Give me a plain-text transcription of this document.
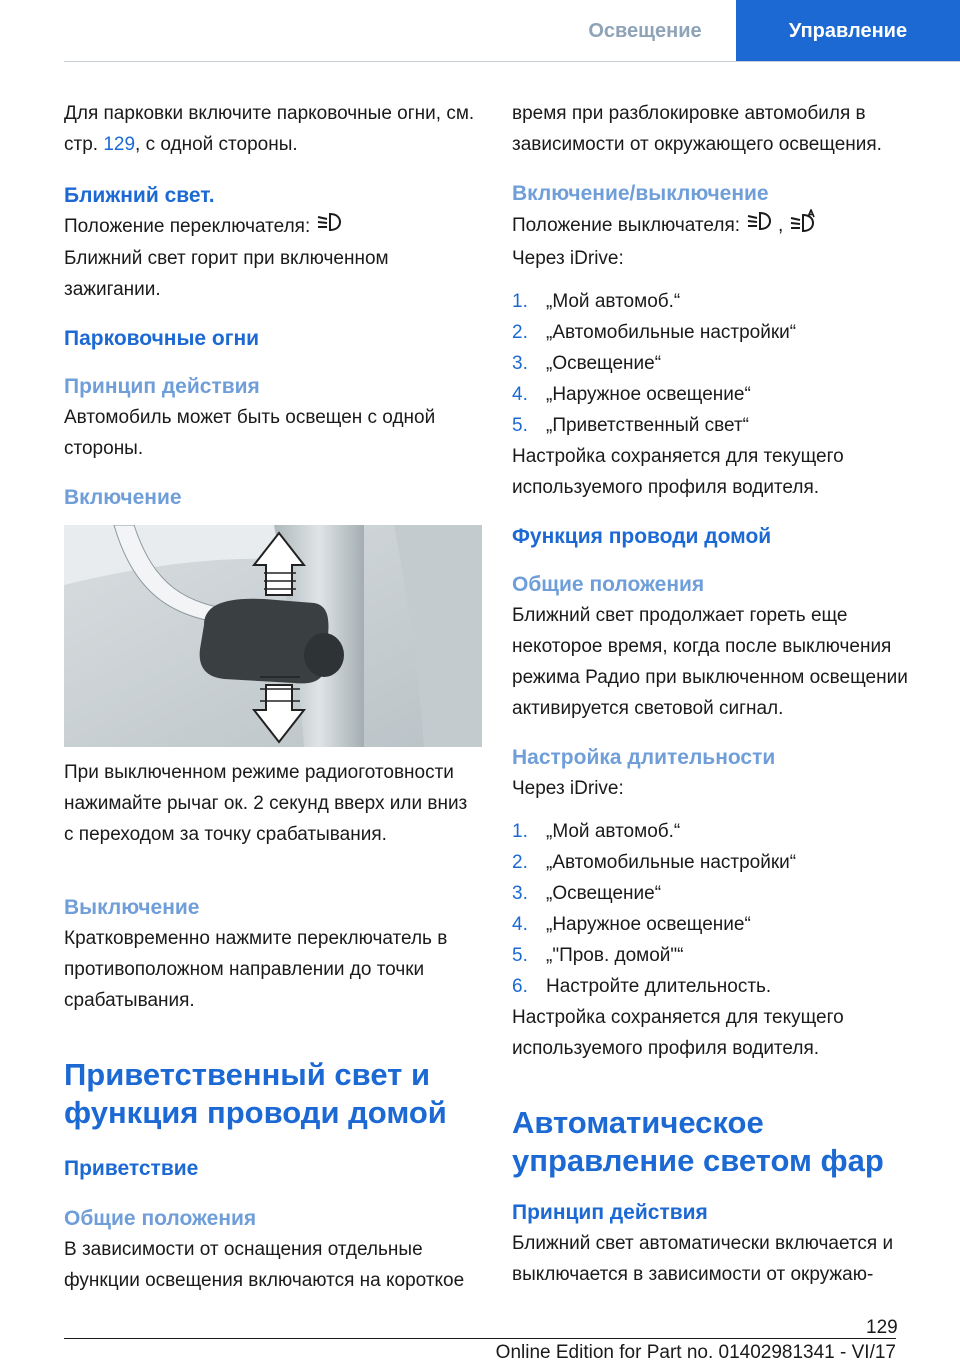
Освещение	Управление

Для парковки включите парковочные огни, см. стр. 129, с одной стороны.

Ближний свет.

Положение переключателя:

Ближний свет горит при включенном зажигании.

Парковочные огни
Принцип действия

Автомобиль может быть освещен с одной стороны.

Включение

При выключенном режиме радиоготовности нажимайте рычаг ок. 2 секунд вверх или вниз с переходом за точку срабатывания.

Выключение

Кратковременно нажмите переключатель в противоположном направлении до точки срабатывания.

Приветственный свет и функция проводи домой
Приветствие
Общие положения

В зависимости от оснащения отдельные функции освещения включаются на короткое

время при разблокировке автомобиля в зависимости от окружающего освещения.

Включение/выключение

Положение выключателя: ,

Через iDrive:

1. „Мой автомоб.“
2. „Автомобильные настройки“
3. „Освещение“
4. „Наружное освещение“
5. „Приветственный свет“

Настройка сохраняется для текущего используемого профиля водителя.

Функция проводи домой
Общие положения

Ближний свет продолжает гореть еще некоторое время, когда после выключения режима Радио при выключенном освещении активируется световой сигнал.

Настройка длительности

Через iDrive:

1. „Мой автомоб.“
2. „Автомобильные настройки“
3. „Освещение“
4. „Наружное освещение“
5. „"Пров. домой"“
6. Настройте длительность.

Настройка сохраняется для текущего используемого профиля водителя.

Автоматическое управление светом фар
Принцип действия

Ближний свет автоматически включается и выключается в зависимости от окружаю-

129
Online Edition for Part no. 01402981341 - VI/17
